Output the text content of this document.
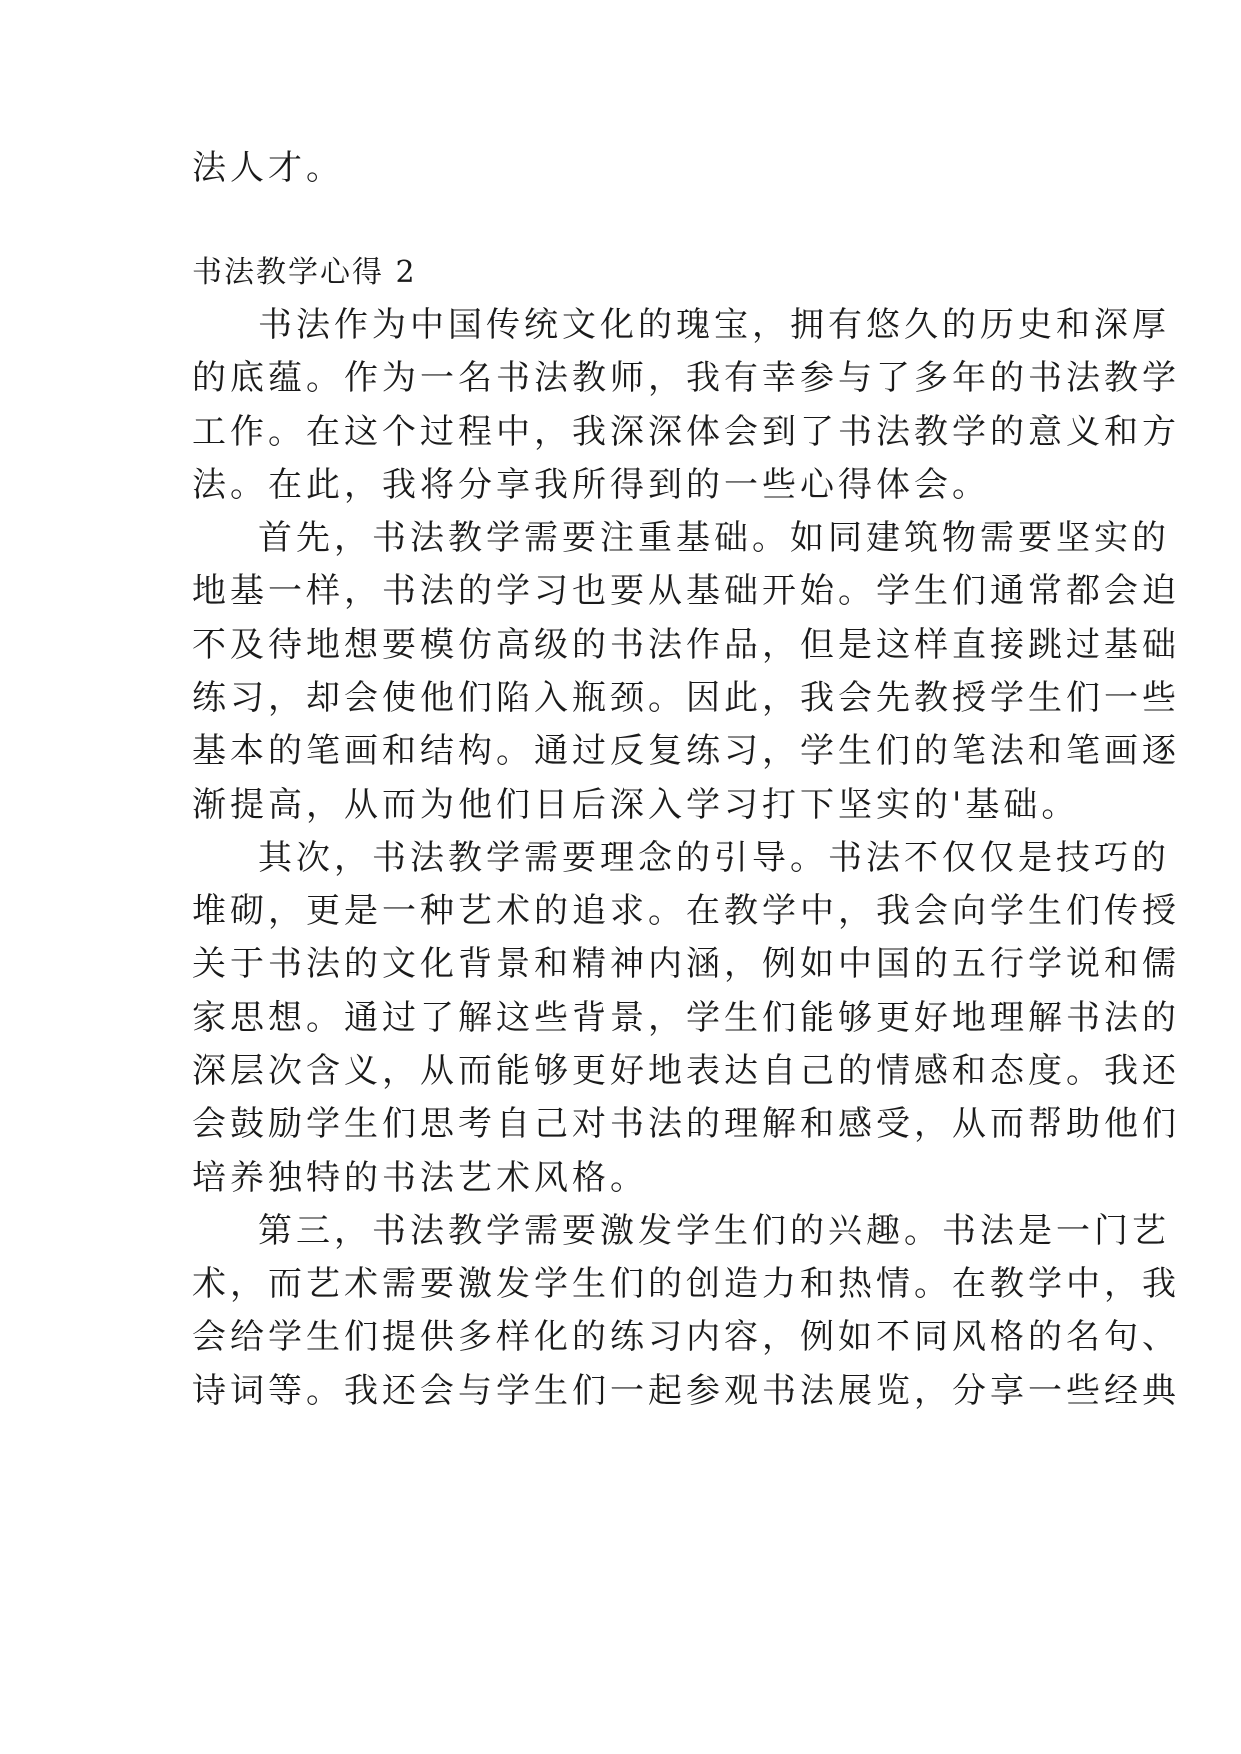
法人才。
书法教学心得 2
书法作为中国传统文化的瑰宝，拥有悠久的历史和深厚
的底蕴。作为一名书法教师，我有幸参与了多年的书法教学
工作。在这个过程中，我深深体会到了书法教学的意义和方
法。在此，我将分享我所得到的一些心得体会。
首先，书法教学需要注重基础。如同建筑物需要坚实的
地基一样，书法的学习也要从基础开始。学生们通常都会迫
不及待地想要模仿高级的书法作品，但是这样直接跳过基础
练习，却会使他们陷入瓶颈。因此，我会先教授学生们一些
基本的笔画和结构。通过反复练习，学生们的笔法和笔画逐
渐提高，从而为他们日后深入学习打下坚实的'基础。
其次，书法教学需要理念的引导。书法不仅仅是技巧的
堆砌，更是一种艺术的追求。在教学中，我会向学生们传授
关于书法的文化背景和精神内涵，例如中国的五行学说和儒
家思想。通过了解这些背景，学生们能够更好地理解书法的
深层次含义，从而能够更好地表达自己的情感和态度。我还
会鼓励学生们思考自己对书法的理解和感受，从而帮助他们
培养独特的书法艺术风格。
第三，书法教学需要激发学生们的兴趣。书法是一门艺
术，而艺术需要激发学生们的创造力和热情。在教学中，我
会给学生们提供多样化的练习内容，例如不同风格的名句、
诗词等。我还会与学生们一起参观书法展览，分享一些经典
